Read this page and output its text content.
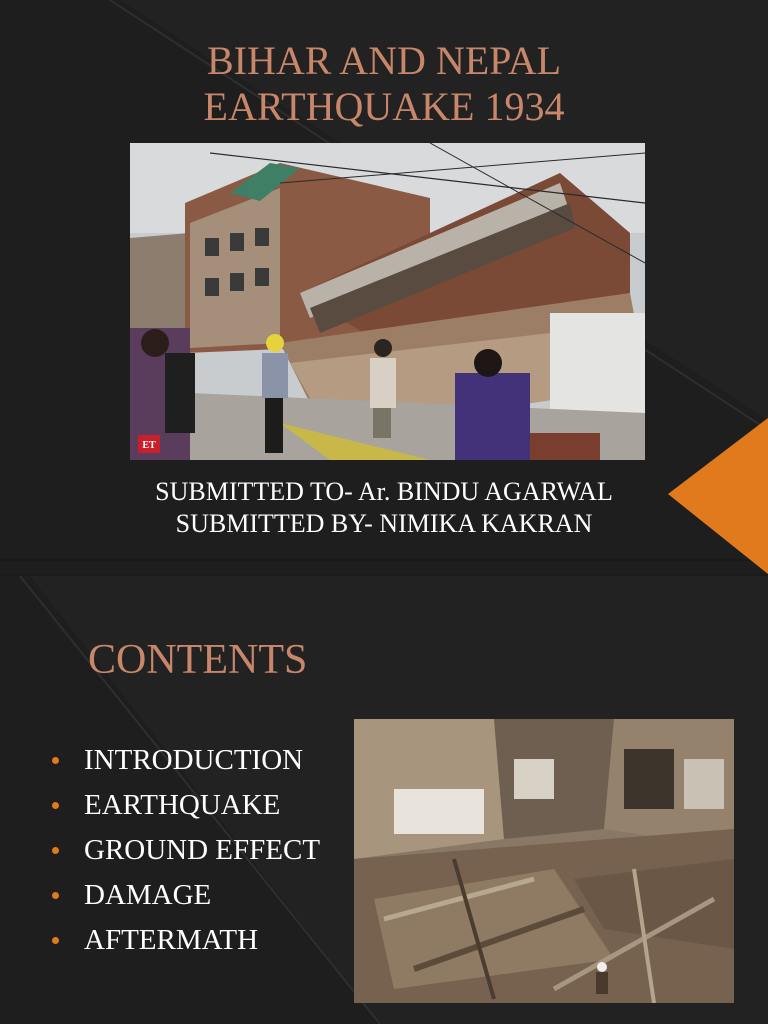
BIHAR AND NEPAL
EARTHQUAKE 1934
ET
SUBMITTED TO- Ar. BINDU AGARWAL
SUBMITTED BY- NIMIKA KAKRAN
CONTENTS
INTRODUCTION
EARTHQUAKE
GROUND EFFECT
DAMAGE
AFTERMATH
